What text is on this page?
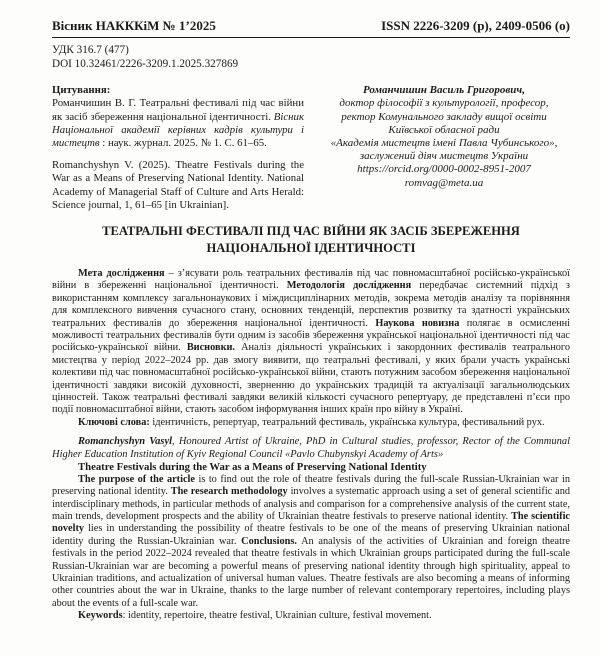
Вісник НАКККіМ № 1’2025	ISSN 2226-3209 (p), 2409-0506 (o)
УДК 316.7 (477)
DOI 10.32461/2226-3209.1.2025.327869
Цитування:

Романчишин В. Г. Театральні фестивалі під час війни як засіб збереження національної ідентичності. Вісник Національної академії керівних кадрів культури і мистецтв : наук. журнал. 2025. № 1. С. 61–65.

Romanchyshyn V. (2025). Theatre Festivals during the War as a Means of Preserving National Identity. National Academy of Managerial Staff of Culture and Arts Herald: Science journal, 1, 61–65 [in Ukrainian].

Романчишин Василь Григорович,
доктор філософії з культурології, професор,
ректор Комунального закладу вищої освіти
Київської обласної ради
«Академія мистецтв імені Павла Чубинського»,
заслужений діяч мистецтв України
https://orcid.org/0000-0002-8951-2007
romvag@meta.ua
ТЕАТРАЛЬНІ ФЕСТИВАЛІ ПІД ЧАС ВІЙНИ ЯК ЗАСІБ ЗБЕРЕЖЕННЯ НАЦІОНАЛЬНОЇ ІДЕНТИЧНОСТІ

Мета дослідження – з’ясувати роль театральних фестивалів під час повномасштабної російсько-української війни в збереженні національної ідентичності. Методологія дослідження передбачає системний підхід з використанням комплексу загальнонаукових і міждисциплінарних методів, зокрема методів аналізу та порівняння для комплексного вивчення сучасного стану, основних тенденцій, перспектив розвитку та здатності українських театральних фестивалів до збереження національної ідентичності. Наукова новизна полягає в осмисленні можливості театральних фестивалів бути одним із засобів збереження української національної ідентичності під час російсько-української війни. Висновки. Аналіз діяльності українських і закордонних фестивалів театрального мистецтва у період 2022–2024 рр. дав змогу виявити, що театральні фестивалі, у яких брали участь українські колективи під час повномасштабної російсько-української війни, стають потужним засобом збереження національної ідентичності завдяки високій духовності, зверненню до українських традицій та актуалізації загальнолюдських цінностей. Також театральні фестивалі завдяки великій кількості сучасного репертуару, де представлені п’єси про події повномасштабної війни, стають засобом інформування інших країн про війну в Україні.

Ключові слова: ідентичність, репертуар, театральний фестиваль, українська культура, фестивальний рух.

Romanchyshyn Vasyl, Honoured Artist of Ukraine, PhD in Cultural studies, professor, Rector of the Communal Higher Education Institution of Kyiv Regional Council «Pavlo Chubynskyi Academy of Arts»

Theatre Festivals during the War as a Means of Preserving National Identity

The purpose of the article is to find out the role of theatre festivals during the full-scale Russian-Ukrainian war in preserving national identity. The research methodology involves a systematic approach using a set of general scientific and interdisciplinary methods, in particular methods of analysis and comparison for a comprehensive analysis of the current state, main trends, development prospects and the ability of Ukrainian theatre festivals to preserve national identity. The scientific novelty lies in understanding the possibility of theatre festivals to be one of the means of preserving Ukrainian national identity during the Russian-Ukrainian war. Conclusions. An analysis of the activities of Ukrainian and foreign theatre festivals in the period 2022–2024 revealed that theatre festivals in which Ukrainian groups participated during the full-scale Russian-Ukrainian war are becoming a powerful means of preserving national identity through high spirituality, appeal to Ukrainian traditions, and actualization of universal human values. Theatre festivals are also becoming a means of informing other countries about the war in Ukraine, thanks to the large number of relevant contemporary repertoires, including plays about the events of a full-scale war.

Keywords: identity, repertoire, theatre festival, Ukrainian culture, festival movement.
